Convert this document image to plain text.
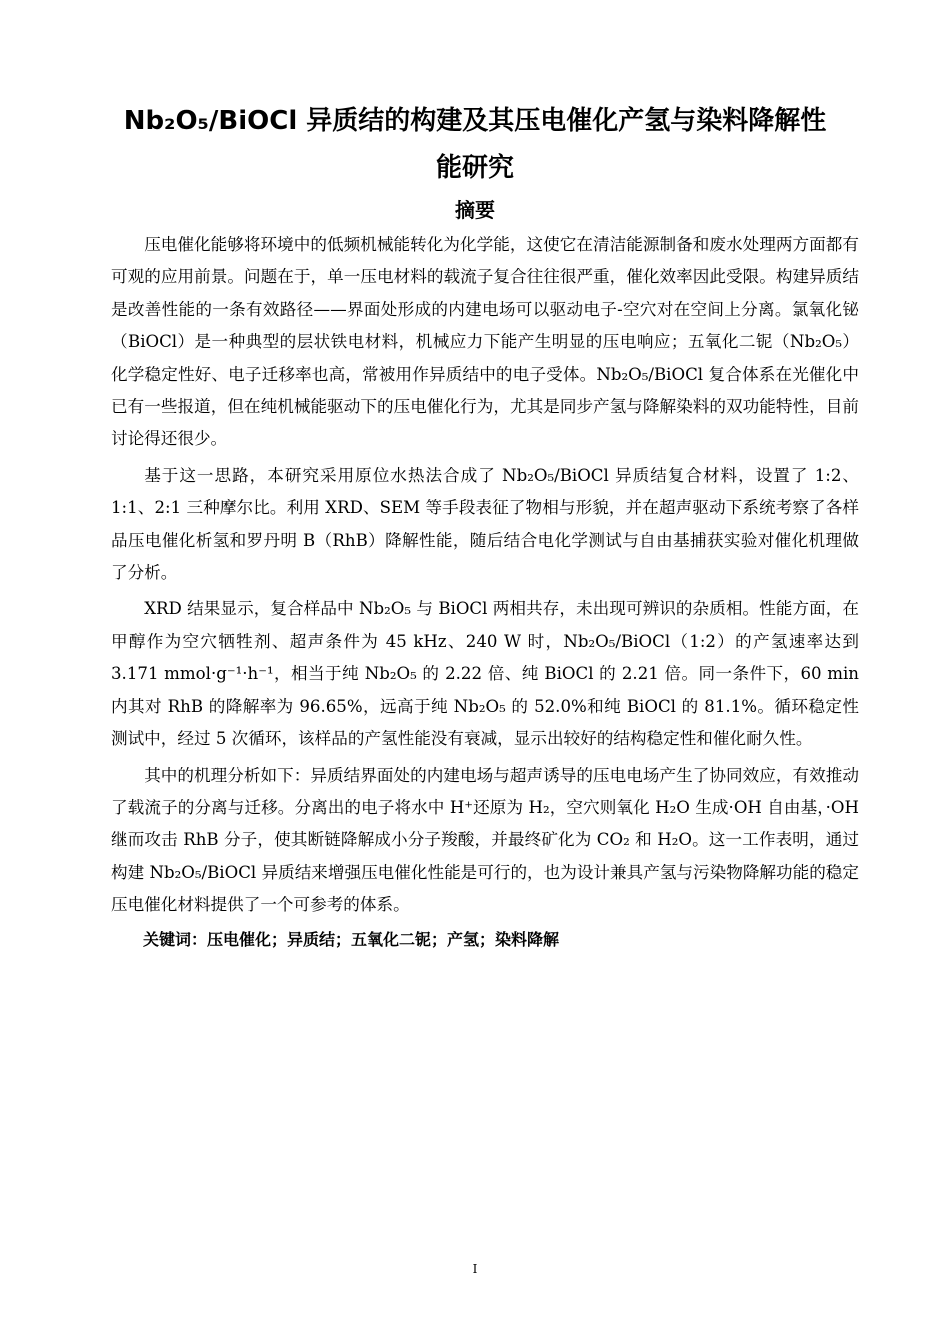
Nb₂O₅/BiOCl 异质结的构建及其压电催化产氢与染料降解性
能研究
摘要

压电催化能够将环境中的低频机械能转化为化学能，这使它在清洁能源制备和废水处理两方面都有可观的应用前景。问题在于，单一压电材料的载流子复合往往很严重，催化效率因此受限。构建异质结是改善性能的一条有效路径——界面处形成的内建电场可以驱动电子-空穴对在空间上分离。氯氧化铋（BiOCl）是一种典型的层状铁电材料，机械应力下能产生明显的压电响应；五氧化二铌（Nb₂O₅）化学稳定性好、电子迁移率也高，常被用作异质结中的电子受体。Nb₂O₅/BiOCl 复合体系在光催化中已有一些报道，但在纯机械能驱动下的压电催化行为，尤其是同步产氢与降解染料的双功能特性，目前讨论得还很少。

基于这一思路，本研究采用原位水热法合成了 Nb₂O₅/BiOCl 异质结复合材料，设置了 1:2、1:1、2:1 三种摩尔比。利用 XRD、SEM 等手段表征了物相与形貌，并在超声驱动下系统考察了各样品压电催化析氢和罗丹明 B（RhB）降解性能，随后结合电化学测试与自由基捕获实验对催化机理做了分析。

XRD 结果显示，复合样品中 Nb₂O₅ 与 BiOCl 两相共存，未出现可辨识的杂质相。性能方面，在甲醇作为空穴牺牲剂、超声条件为 45 kHz、240 W 时，Nb₂O₅/BiOCl（1:2）的产氢速率达到 3.171 mmol·g⁻¹·h⁻¹，相当于纯 Nb₂O₅ 的 2.22 倍、纯 BiOCl 的 2.21 倍。同一条件下，60 min 内其对 RhB 的降解率为 96.65%，远高于纯 Nb₂O₅ 的 52.0%和纯 BiOCl 的 81.1%。循环稳定性测试中，经过 5 次循环，该样品的产氢性能没有衰减，显示出较好的结构稳定性和催化耐久性。

其中的机理分析如下：异质结界面处的内建电场与超声诱导的压电电场产生了协同效应，有效推动了载流子的分离与迁移。分离出的电子将水中 H⁺还原为 H₂，空穴则氧化 H₂O 生成·OH 自由基，·OH 继而攻击 RhB 分子，使其断链降解成小分子羧酸，并最终矿化为 CO₂ 和 H₂O。这一工作表明，通过构建 Nb₂O₅/BiOCl 异质结来增强压电催化性能是可行的，也为设计兼具产氢与污染物降解功能的稳定压电催化材料提供了一个可参考的体系。

关键词：压电催化；异质结；五氧化二铌；产氢；染料降解

I
